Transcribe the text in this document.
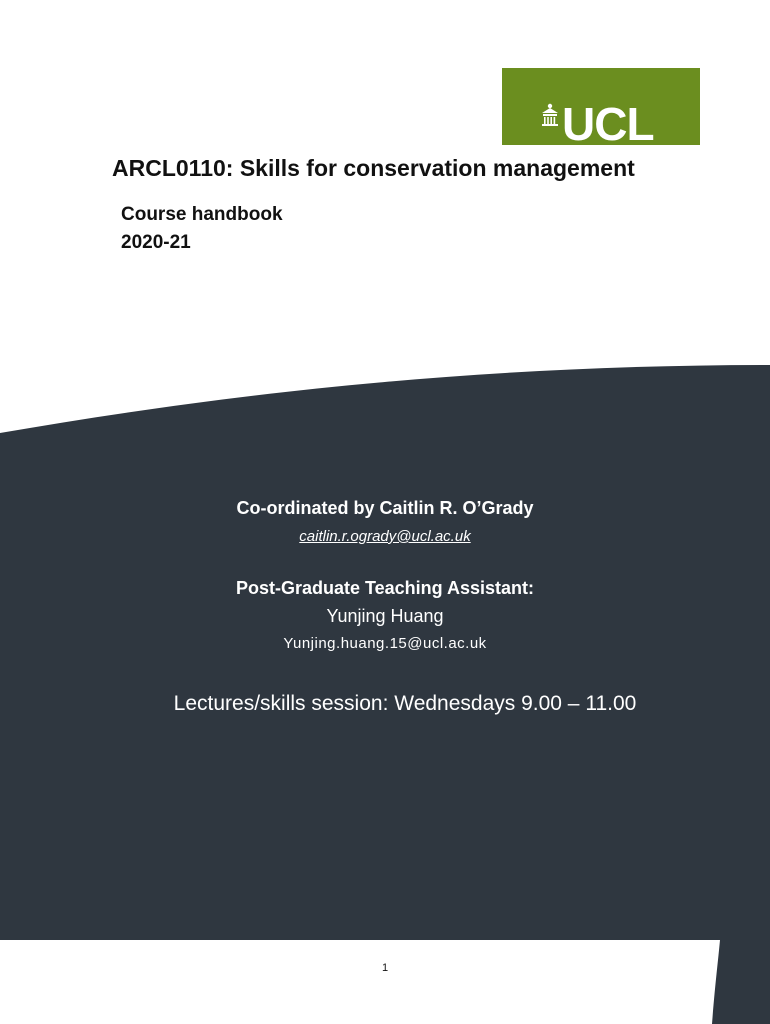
UCL
ARCL0110: Skills for conservation management
Course handbook
2020-21
Co-ordinated by Caitlin R. O’Grady
caitlin.r.ogrady@ucl.ac.uk
Post-Graduate Teaching Assistant:
Yunjing Huang
Yunjing.huang.15@ucl.ac.uk
Lectures/skills session: Wednesdays 9.00 – 11.00
1
